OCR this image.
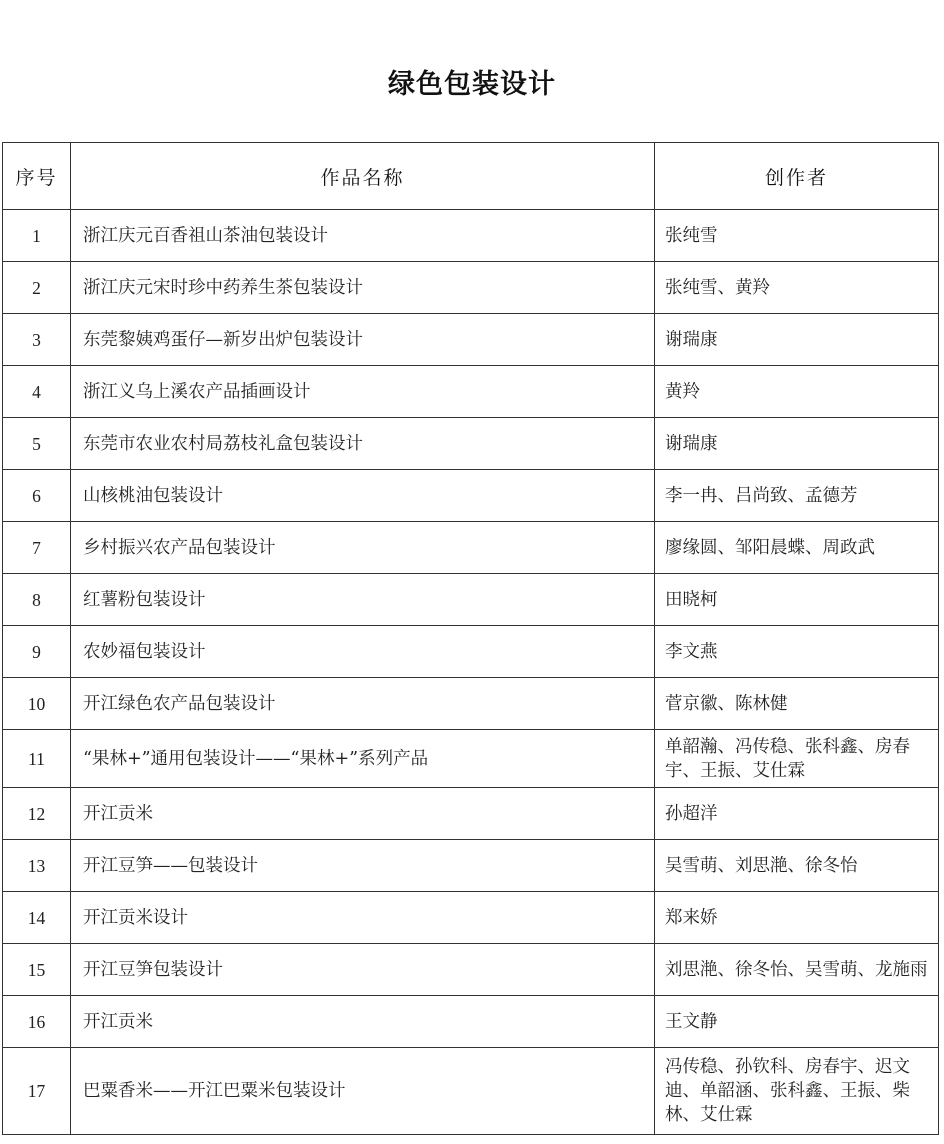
绿色包装设计
序号	作品名称	创作者
1	浙江庆元百香祖山茶油包装设计	张纯雪
2	浙江庆元宋时珍中药养生茶包装设计	张纯雪、黄羚
3	东莞黎姨鸡蛋仔—新岁出炉包装设计	谢瑞康
4	浙江义乌上溪农产品插画设计	黄羚
5	东莞市农业农村局荔枝礼盒包装设计	谢瑞康
6	山核桃油包装设计	李一冉、吕尚致、孟德芳
7	乡村振兴农产品包装设计	廖缘圆、邹阳晨蝶、周政武
8	红薯粉包装设计	田晓柯
9	农妙福包装设计	李文燕
10	开江绿色农产品包装设计	菅京徽、陈林健
11	“果林+”通用包装设计——“果林+”系列产品	单韶瀚、冯传稳、张科鑫、房春宇、王振、艾仕霖
12	开江贡米	孙超洋
13	开江豆笋——包装设计	吴雪萌、刘思滟、徐冬怡
14	开江贡米设计	郑来娇
15	开江豆笋包装设计	刘思滟、徐冬怡、吴雪萌、龙施雨
16	开江贡米	王文静
17	巴粟香米——开江巴粟米包装设计	冯传稳、孙钦科、房春宇、迟文迪、单韶涵、张科鑫、王振、柴林、艾仕霖
